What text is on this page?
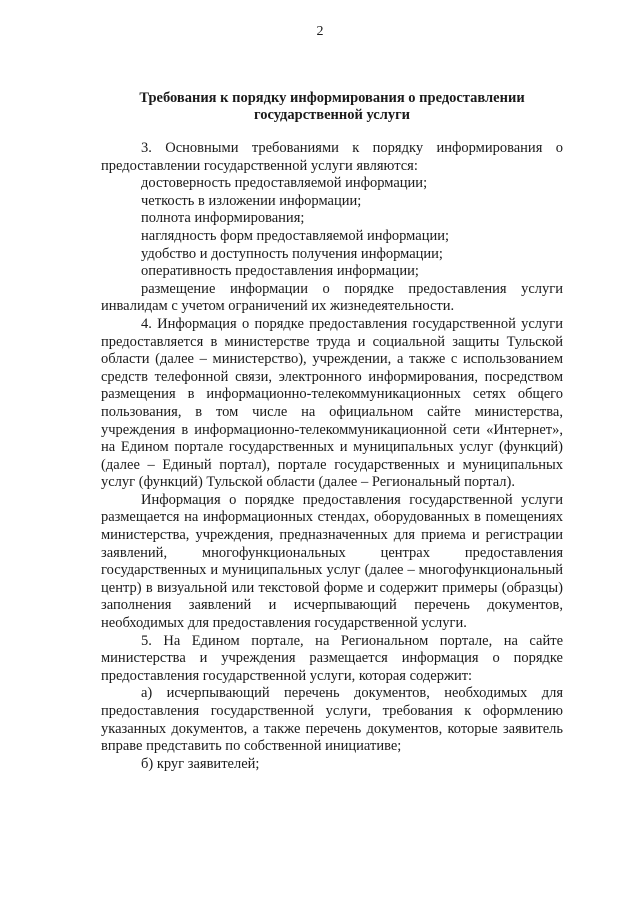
2
Требования к порядку информирования о предоставлении государственной услуги

3. Основными требованиями к порядку информирования о предоставлении государственной услуги являются:

достоверность предоставляемой информации;

четкость в изложении информации;

полнота информирования;

наглядность форм предоставляемой информации;

удобство и доступность получения информации;

оперативность предоставления информации;

размещение информации о порядке предоставления услуги инвалидам с учетом ограничений их жизнедеятельности.

4. Информация о порядке предоставления государственной услуги предоставляется в министерстве труда и социальной защиты Тульской области (далее – министерство), учреждении, а также с использованием средств телефонной связи, электронного информирования, посредством размещения в информационно-телекоммуникационных сетях общего пользования, в том числе на официальном сайте министерства, учреждения в информационно-телекоммуникационной сети «Интернет», на Едином портале государственных и муниципальных услуг (функций) (далее – Единый портал), портале государственных и муниципальных услуг (функций) Тульской области (далее – Региональный портал).

Информация о порядке предоставления государственной услуги размещается на информационных стендах, оборудованных в помещениях министерства, учреждения, предназначенных для приема и регистрации заявлений, многофункциональных центрах предоставления государственных и муниципальных услуг (далее – многофункциональный центр) в визуальной или текстовой форме и содержит примеры (образцы) заполнения заявлений и исчерпывающий перечень документов, необходимых для предоставления государственной услуги.

5. На Едином портале, на Региональном портале, на сайте министерства и учреждения размещается информация о порядке предоставления государственной услуги, которая содержит:

а) исчерпывающий перечень документов, необходимых для предоставления государственной услуги, требования к оформлению указанных документов, а также перечень документов, которые заявитель вправе представить по собственной инициативе;

б) круг заявителей;
